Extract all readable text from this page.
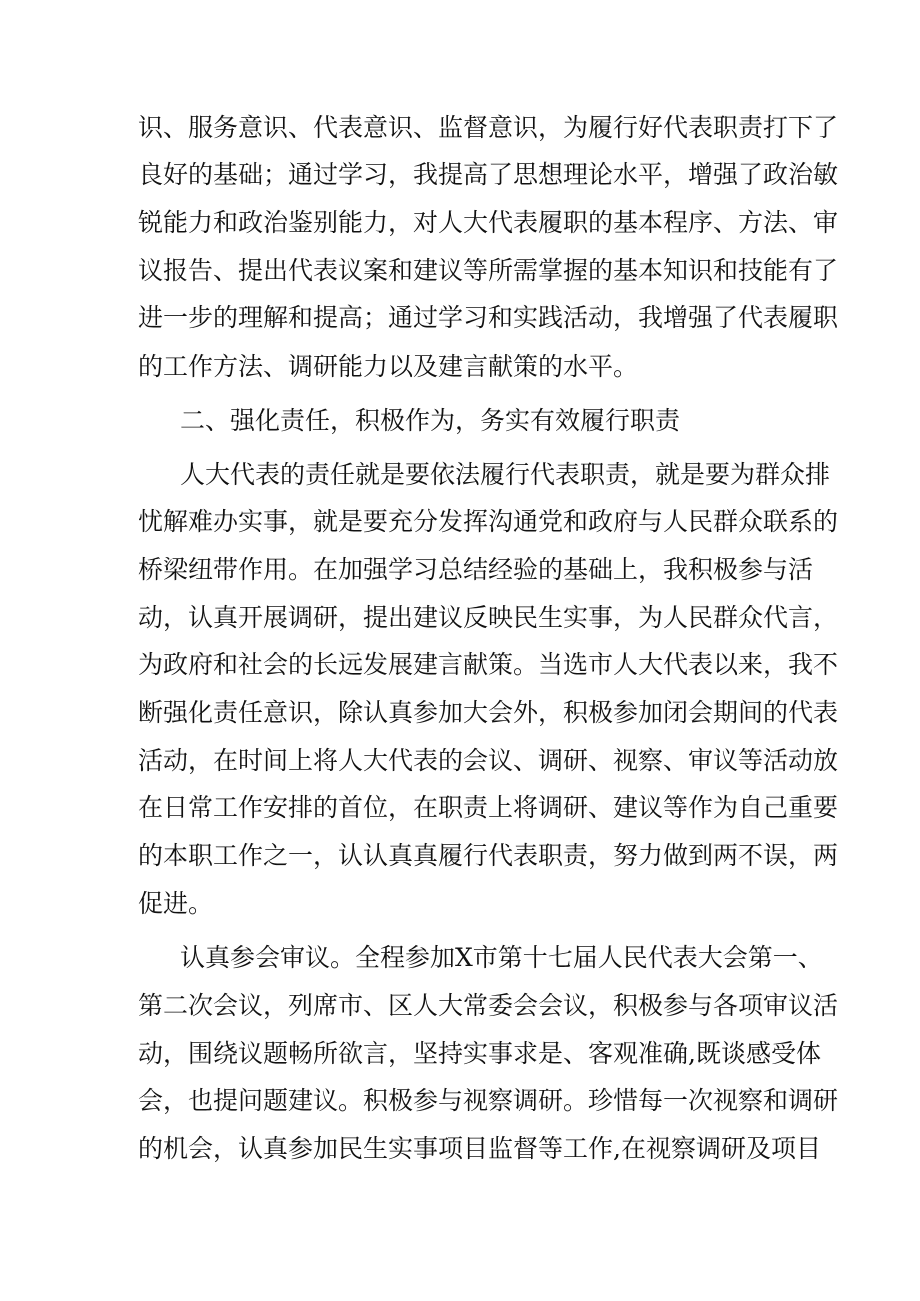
识、服务意识、代表意识、监督意识，为履行好代表职责打下了
良好的基础；通过学习，我提高了思想理论水平，增强了政治敏
锐能力和政治鉴别能力，对人大代表履职的基本程序、方法、审
议报告、提出代表议案和建议等所需掌握的基本知识和技能有了
进一步的理解和提高；通过学习和实践活动，我增强了代表履职
的工作方法、调研能力以及建言献策的水平。
二、强化责任，积极作为，务实有效履行职责
人大代表的责任就是要依法履行代表职责，就是要为群众排
忧解难办实事，就是要充分发挥沟通党和政府与人民群众联系的
桥梁纽带作用。在加强学习总结经验的基础上，我积极参与活
动，认真开展调研，提出建议反映民生实事，为人民群众代言，
为政府和社会的长远发展建言献策。当选市人大代表以来，我不
断强化责任意识，除认真参加大会外，积极参加闭会期间的代表
活动，在时间上将人大代表的会议、调研、视察、审议等活动放
在日常工作安排的首位，在职责上将调研、建议等作为自己重要
的本职工作之一，认认真真履行代表职责，努力做到两不误，两
促进。
认真参会审议。全程参加X市第十七届人民代表大会第一、
第二次会议，列席市、区人大常委会会议，积极参与各项审议活
动，围绕议题畅所欲言，坚持实事求是、客观准确,既谈感受体
会，也提问题建议。积极参与视察调研。珍惜每一次视察和调研
的机会，认真参加民生实事项目监督等工作,在视察调研及项目
